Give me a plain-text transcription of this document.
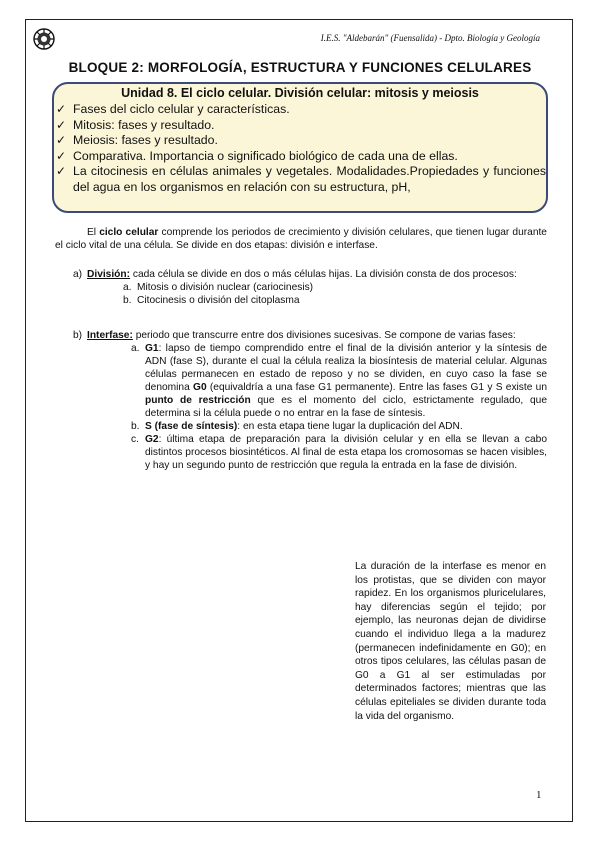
I.E.S. "Aldebarán" (Fuensalida) - Dpto. Biología y Geología
BLOQUE 2: MORFOLOGÍA, ESTRUCTURA Y FUNCIONES CELULARES
Unidad 8. El ciclo celular. División celular: mitosis y meiosis
✓ Fases del ciclo celular y características.
✓ Mitosis: fases y resultado.
✓ Meiosis: fases y resultado.
✓ Comparativa. Importancia o significado biológico de cada una de ellas.
✓ La citocinesis en células animales y vegetales. Modalidades.Propiedades y funciones del agua en los organismos en relación con su estructura, pH,

El ciclo celular comprende los periodos de crecimiento y división celulares, que tienen lugar durante el ciclo vital de una célula. Se divide en dos etapas: división e interfase.

a) División: cada célula se divide en dos o más células hijas. La división consta de dos procesos:

a. Mitosis o división nuclear (cariocinesis)
b. Citocinesis o división del citoplasma
b) Interfase: periodo que transcurre entre dos divisiones sucesivas. Se compone de varias fases:

a. G1: lapso de tiempo comprendido entre el final de la división anterior y la síntesis de ADN (fase S), durante el cual la célula realiza la biosíntesis de material celular. Algunas células permanecen en estado de reposo y no se dividen, en cuyo caso la fase se denomina G0 (equivaldría a una fase G1 permanente). Entre las fases G1 y S existe un punto de restricción que es el momento del ciclo, estrictamente regulado, que determina si la célula puede o no entrar en la fase de síntesis.
b. S (fase de síntesis): en esta etapa tiene lugar la duplicación del ADN.
c. G2: última etapa de preparación para la división celular y en ella se llevan a cabo distintos procesos biosintéticos. Al final de esta etapa los cromosomas se hacen visibles, y hay un segundo punto de restricción que regula la entrada en la fase de división.

La duración de la interfase es menor en los protistas, que se dividen con mayor rapidez. En los organismos pluricelulares, hay diferencias según el tejido; por ejemplo, las neuronas dejan de dividirse cuando el individuo llega a la madurez (permanecen indefinidamente en G0); en otros tipos celulares, las células pasan de G0 a G1 al ser estimuladas por determinados factores; mientras que las células epiteliales se dividen durante toda la vida del organismo.

1
